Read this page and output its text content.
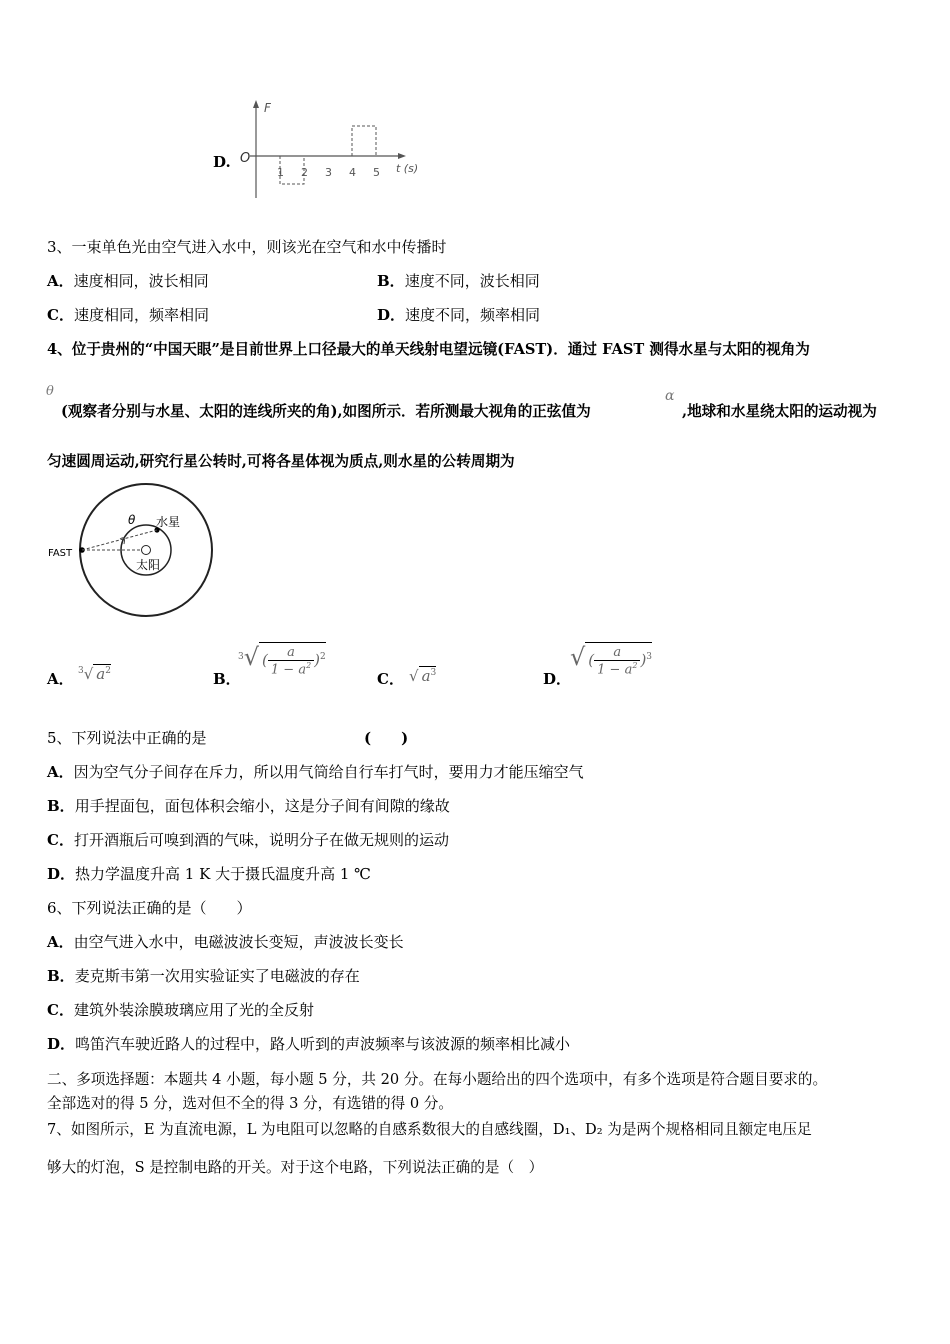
D.
F
O
t (s)
1 2 3 4 5
3、一束单色光由空气进入水中，则该光在空气和水中传播时
A．速度相同，波长相同	B．速度不同，波长相同
C．速度相同，频率相同	D．速度不同，频率相同
4、位于贵州的“中国天眼”是目前世界上口径最大的单天线射电望远镜(FAST)．通过 FAST 测得水星与太阳的视角为
θ
(观察者分别与水星、太阳的连线所夹的角),如图所示．若所测最大视角的正弦值为
α
,地球和水星绕太阳的运动视为
匀速圆周运动,研究行星公转时,可将各星体视为质点,则水星的公转周期为
FAST
水星
太阳
θ
A． $^3$√ $a^2$	B．
$^3$√ ( $\frac{a}{1 - a^2} )^2$
C． √ $a^3$	D．
√ ( $\frac{a}{1 - a^2} )^3$
5、下列说法中正确的是	(　　)
A．因为空气分子间存在斥力，所以用气筒给自行车打气时，要用力才能压缩空气
B．用手捏面包，面包体积会缩小，这是分子间有间隙的缘故
C．打开酒瓶后可嗅到酒的气味，说明分子在做无规则的运动
D．热力学温度升高 1 K 大于摄氏温度升高 1 ℃
6、下列说法正确的是（　　）
A．由空气进入水中，电磁波波长变短，声波波长变长
B．麦克斯韦第一次用实验证实了电磁波的存在
C．建筑外装涂膜玻璃应用了光的全反射
D．鸣笛汽车驶近路人的过程中，路人听到的声波频率与该波源的频率相比减小
二、多项选择题：本题共 4 小题，每小题 5 分，共 20 分。在每小题给出的四个选项中，有多个选项是符合题目要求的。
全部选对的得 5 分，选对但不全的得 3 分，有选错的得 0 分。
7、如图所示，E 为直流电源，L 为电阻可以忽略的自感系数很大的自感线圈，D₁、D₂ 为是两个规格相同且额定电压足
够大的灯泡，S 是控制电路的开关。对于这个电路，下列说法正确的是（　）
